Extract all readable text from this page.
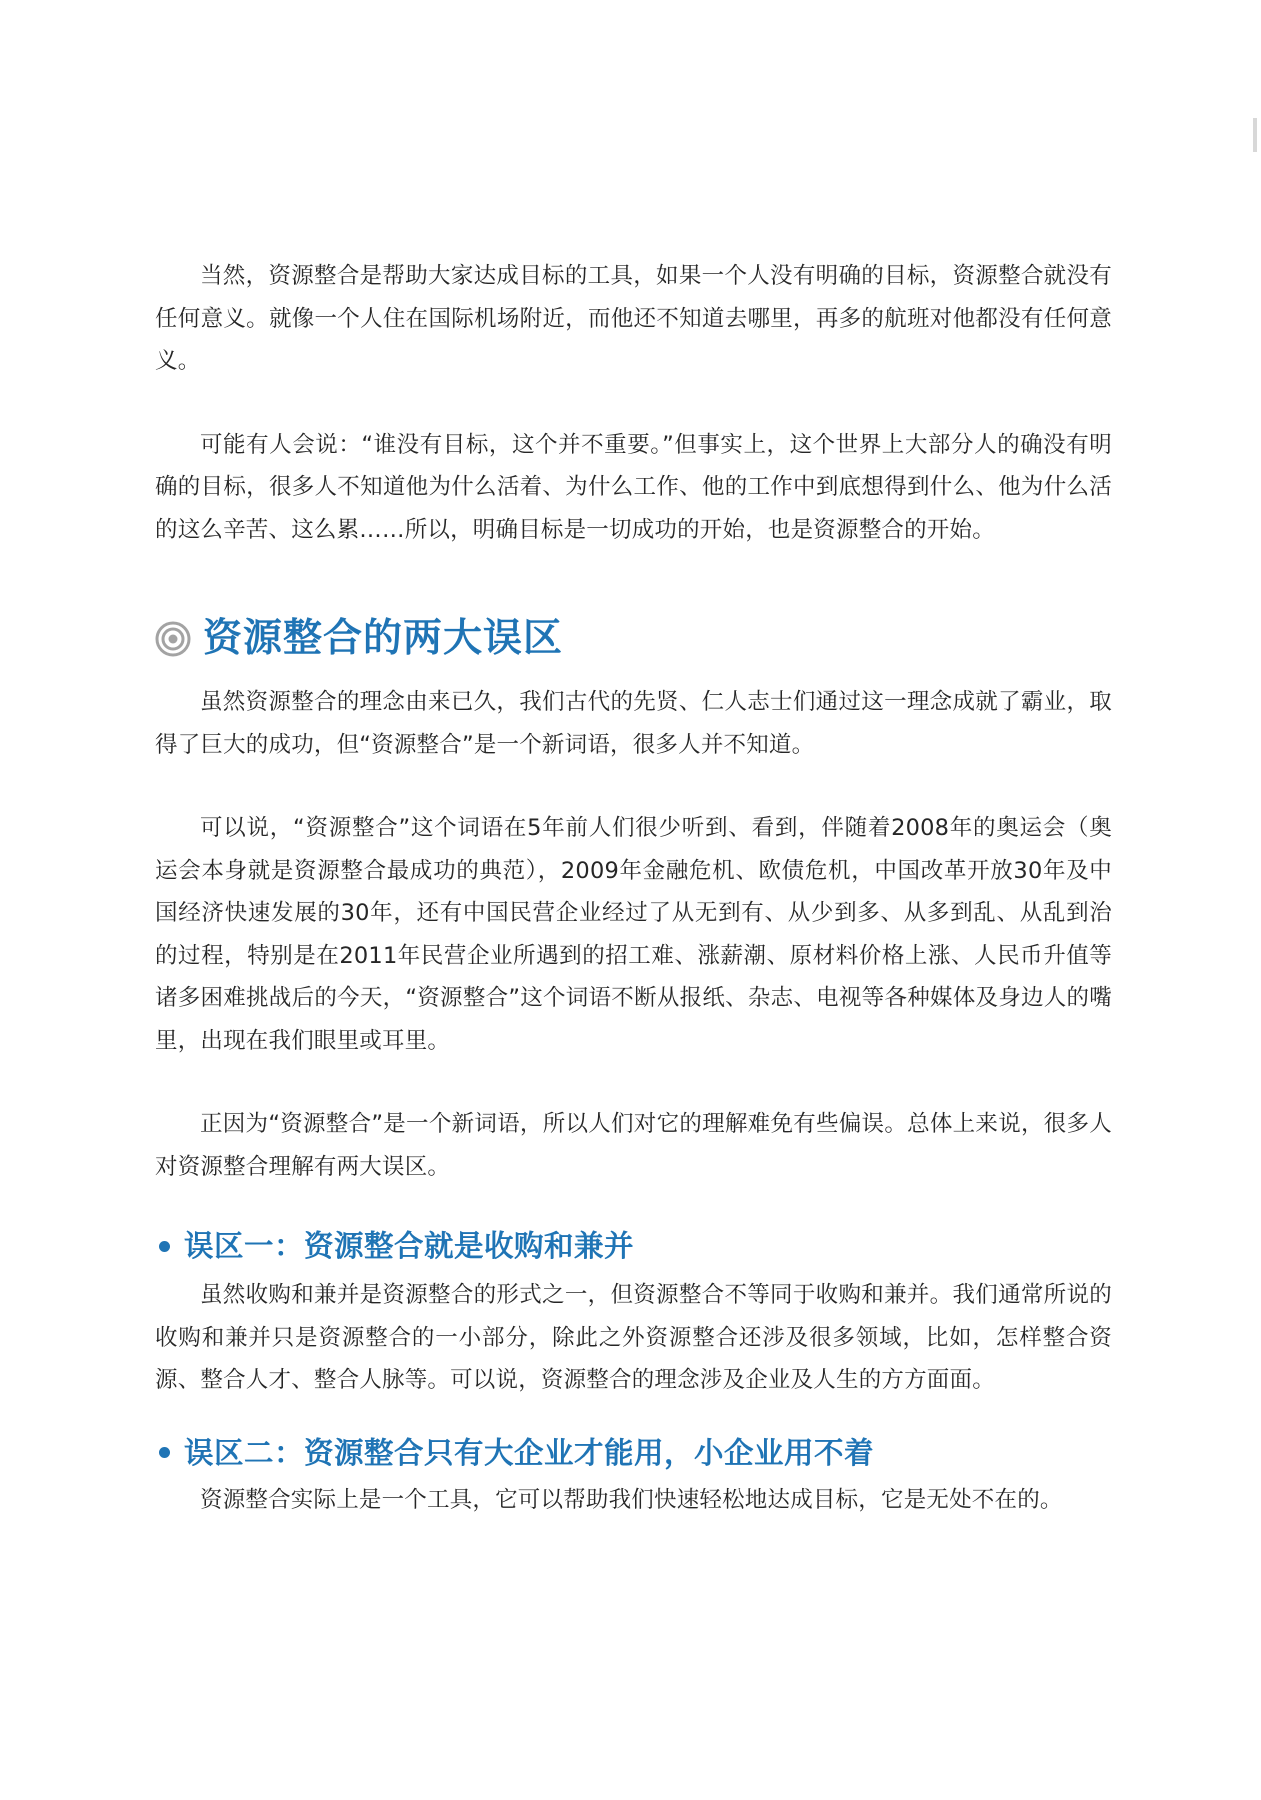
当然，资源整合是帮助大家达成目标的工具，如果一个人没有明确的目标，资源整合就没有任何意义。就像一个人住在国际机场附近，而他还不知道去哪里，再多的航班对他都没有任何意义。

可能有人会说：“谁没有目标，这个并不重要。”但事实上，这个世界上大部分人的确没有明确的目标，很多人不知道他为什么活着、为什么工作、他的工作中到底想得到什么、他为什么活的这么辛苦、这么累……所以，明确目标是一切成功的开始，也是资源整合的开始。

资源整合的两大误区

虽然资源整合的理念由来已久，我们古代的先贤、仁人志士们通过这一理念成就了霸业，取得了巨大的成功，但“资源整合”是一个新词语，很多人并不知道。

可以说，“资源整合”这个词语在5年前人们很少听到、看到，伴随着2008年的奥运会（奥运会本身就是资源整合最成功的典范），2009年金融危机、欧债危机，中国改革开放30年及中国经济快速发展的30年，还有中国民营企业经过了从无到有、从少到多、从多到乱、从乱到治的过程，特别是在2011年民营企业所遇到的招工难、涨薪潮、原材料价格上涨、人民币升值等诸多困难挑战后的今天，“资源整合”这个词语不断从报纸、杂志、电视等各种媒体及身边人的嘴里，出现在我们眼里或耳里。

正因为“资源整合”是一个新词语，所以人们对它的理解难免有些偏误。总体上来说，很多人对资源整合理解有两大误区。

误区一：资源整合就是收购和兼并

虽然收购和兼并是资源整合的形式之一，但资源整合不等同于收购和兼并。我们通常所说的收购和兼并只是资源整合的一小部分，除此之外资源整合还涉及很多领域，比如，怎样整合资源、整合人才、整合人脉等。可以说，资源整合的理念涉及企业及人生的方方面面。

误区二：资源整合只有大企业才能用，小企业用不着

资源整合实际上是一个工具，它可以帮助我们快速轻松地达成目标，它是无处不在的。
